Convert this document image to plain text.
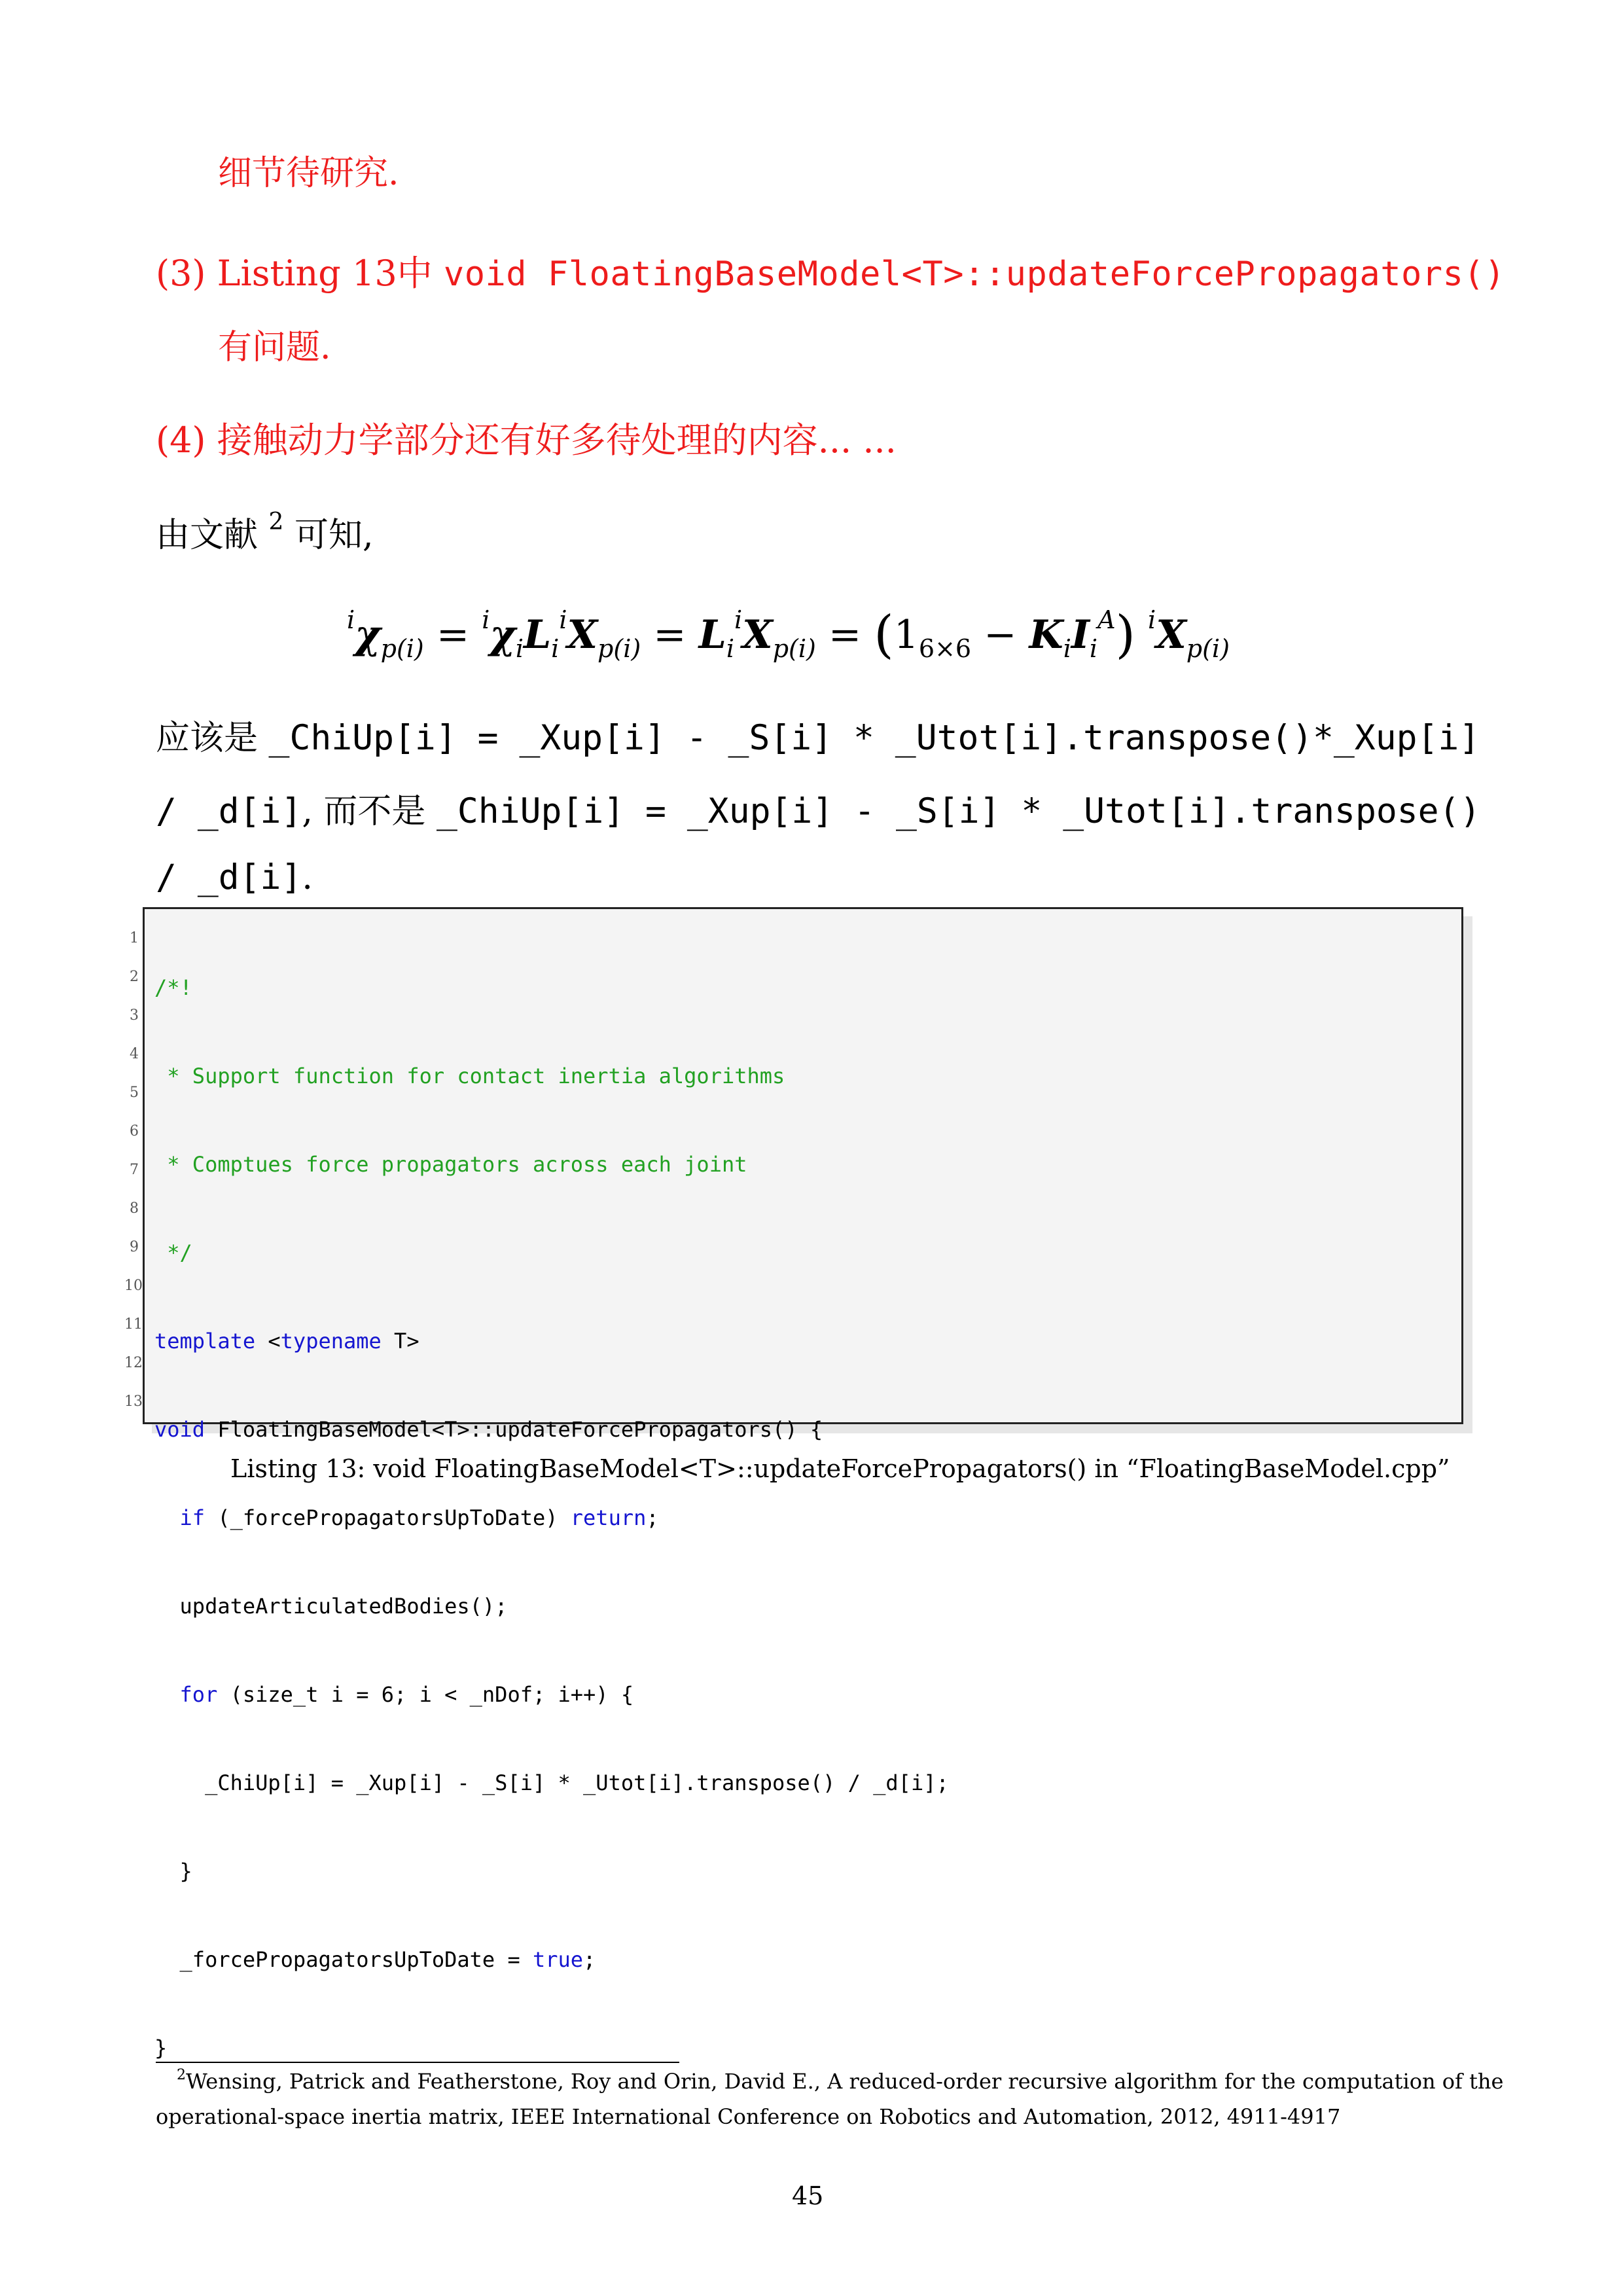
细节待研究.
(3) Listing 13中 void FloatingBaseModel<T>::updateForcePropagators()
有问题.
(4) 接触动力学部分还有好多待处理的内容... ...
由文献 $^2$ 可知,
$^i\chi_{p(i)} = ^i\chi_iL_i^iX_{p(i)} = L_i^iX_{p(i)} = (1_{6\times 6} - K_iI_i^A)$ $^iX_{p(i)}$
应该是 _ChiUp[i] = _Xup[i] - _S[i] * _Utot[i].transpose()*_Xup[i]
/ _d[i], 而不是 _ChiUp[i] = _Xup[i] - _S[i] * _Utot[i].transpose()
/ _d[i].
1
2
3
4
5
6
7
8
9
10
11
12
13

/*!

* Support function for contact inertia algorithms

* Comptues force propagators across each joint

*/

template <typename T>

void FloatingBaseModel<T>::updateForcePropagators() {

if (_forcePropagatorsUpToDate) return;

updateArticulatedBodies();

for (size_t i = 6; i < _nDof; i++) {

_ChiUp[i] = _Xup[i] - _S[i] * _Utot[i].transpose() / _d[i];

}

_forcePropagatorsUpToDate = true;

}

Listing 13: void FloatingBaseModel<T>::updateForcePropagators() in “FloatingBaseModel.cpp”
$^2$Wensing, Patrick and Featherstone, Roy and Orin, David E., A reduced-order recursive algorithm for the computation of the
operational-space inertia matrix, IEEE International Conference on Robotics and Automation, 2012, 4911-4917
45
